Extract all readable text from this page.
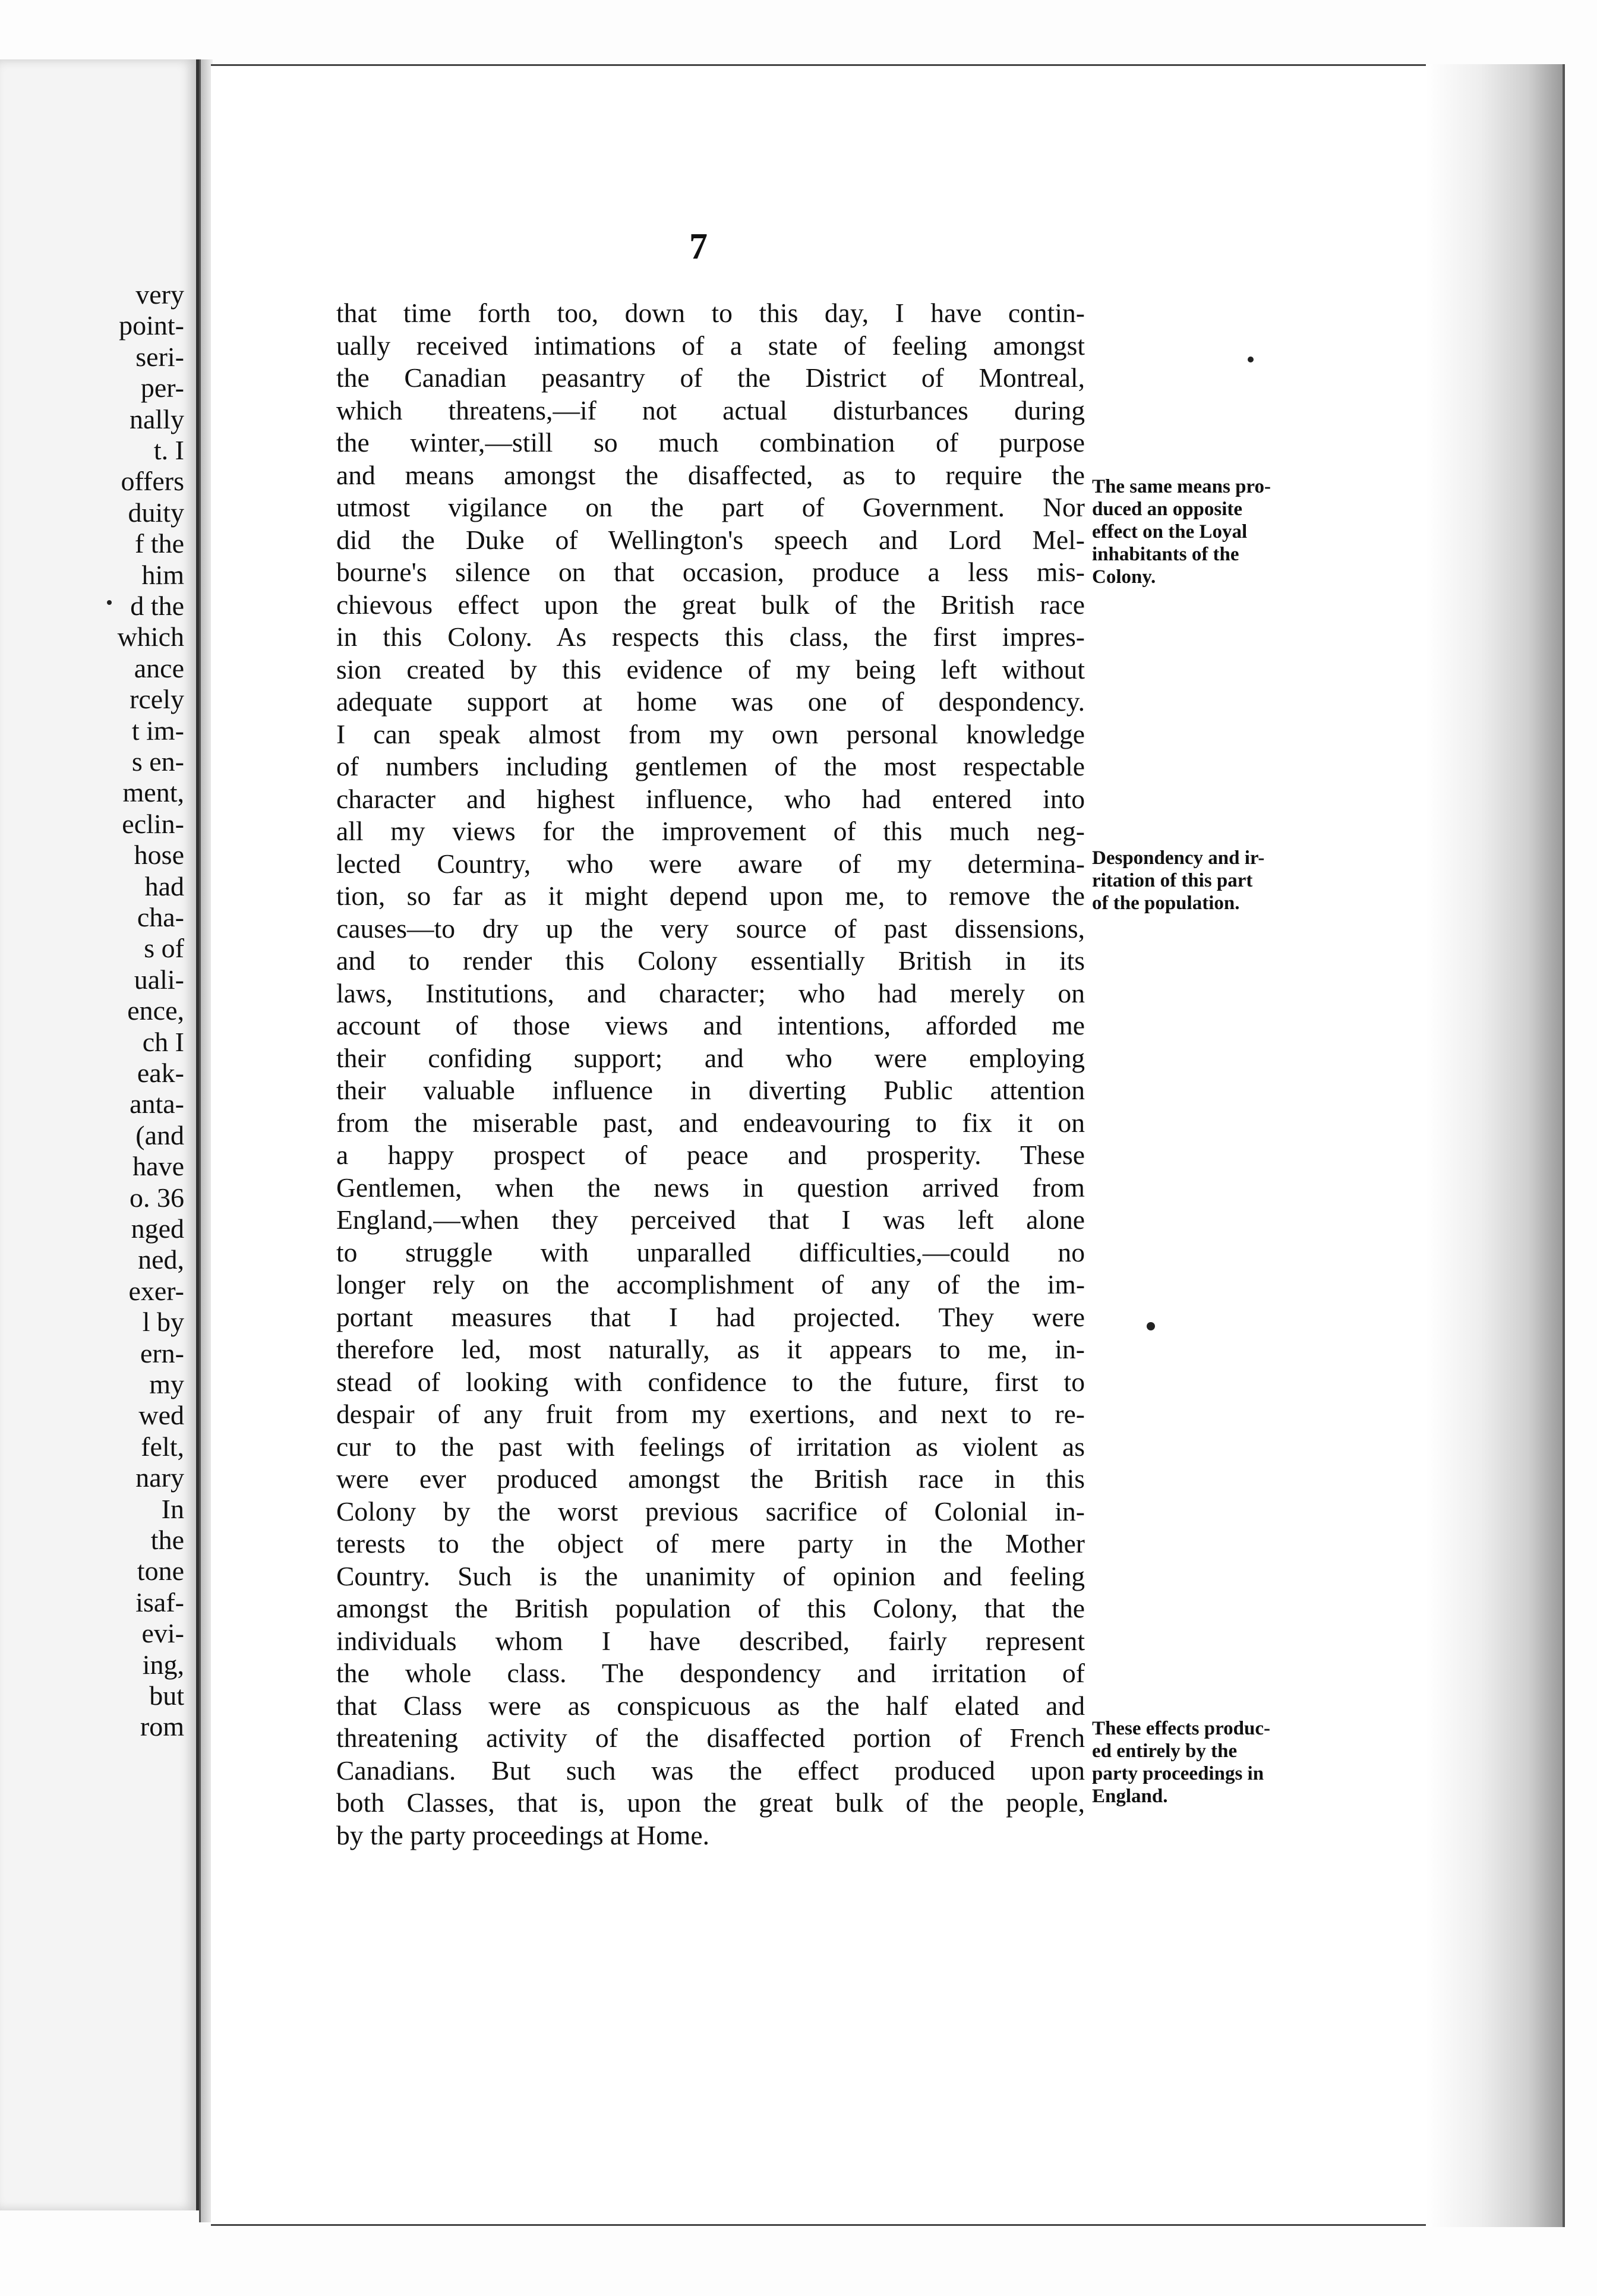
very
point-
seri-
per-
nally
t. I
offers
duity
f the
him
d the
which
ance
rcely
t im-
s en-
ment,
eclin-
hose
had
cha-
s of
uali-
ence,
ch I
eak-
anta-
(and
have
o. 36
nged
ned,
exer-
l by
ern-
my
wed
felt,
nary
In
the
tone
isaf-
evi-
ing,
but
rom
7
that time forth too, down to this day, I have contin-
ually received intimations of a state of feeling amongst
the Canadian peasantry of the District of Montreal,
which threatens,—if not actual disturbances during
the winter,—still so much combination of purpose
and means amongst the disaffected, as to require the
utmost vigilance on the part of Government. Nor
did the Duke of Wellington's speech and Lord Mel-
bourne's silence on that occasion, produce a less mis-
chievous effect upon the great bulk of the British race
in this Colony. As respects this class, the first impres-
sion created by this evidence of my being left without
adequate support at home was one of despondency.
I can speak almost from my own personal knowledge
of numbers including gentlemen of the most respectable
character and highest influence, who had entered into
all my views for the improvement of this much neg-
lected Country, who were aware of my determina-
tion, so far as it might depend upon me, to remove the
causes—to dry up the very source of past dissensions,
and to render this Colony essentially British in its
laws, Institutions, and character; who had merely on
account of those views and intentions, afforded me
their confiding support; and who were employing
their valuable influence in diverting Public attention
from the miserable past, and endeavouring to fix it on
a happy prospect of peace and prosperity. These
Gentlemen, when the news in question arrived from
England,—when they perceived that I was left alone
to struggle with unparalled difficulties,—could no
longer rely on the accomplishment of any of the im-
portant measures that I had projected. They were
therefore led, most naturally, as it appears to me, in-
stead of looking with confidence to the future, first to
despair of any fruit from my exertions, and next to re-
cur to the past with feelings of irritation as violent as
were ever produced amongst the British race in this
Colony by the worst previous sacrifice of Colonial in-
terests to the object of mere party in the Mother
Country. Such is the unanimity of opinion and feeling
amongst the British population of this Colony, that the
individuals whom I have described, fairly represent
the whole class. The despondency and irritation of
that Class were as conspicuous as the half elated and
threatening activity of the disaffected portion of French
Canadians. But such was the effect produced upon
both Classes, that is, upon the great bulk of the people,
by the party proceedings at Home.
The same means pro-
duced an opposite
effect on the Loyal
inhabitants of the
Colony.
Despondency and ir-
ritation of this part
of the population.
These effects produc-
ed entirely by the
party proceedings in
England.
